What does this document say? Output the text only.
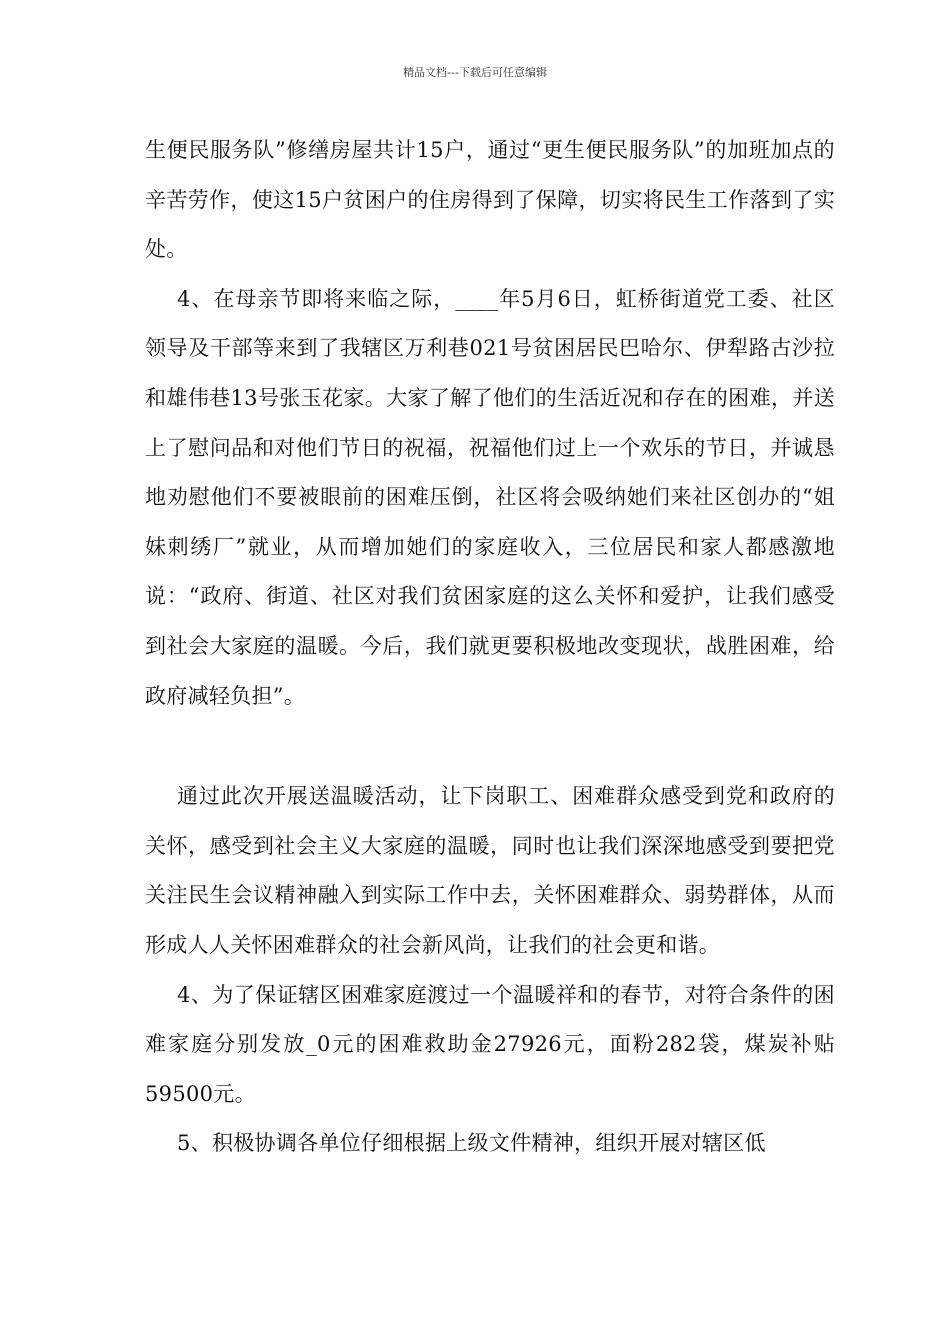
精品文档---下载后可任意编辑

生便民服务队”修缮房屋共计15户，通过“更生便民服务队”的加班加点的辛苦劳作，使这15户贫困户的住房得到了保障，切实将民生工作落到了实处。

4、在母亲节即将来临之际，____年5月6日，虹桥街道党工委、社区领导及干部等来到了我辖区万利巷021号贫困居民巴哈尔、伊犁路古沙拉和雄伟巷13号张玉花家。大家了解了他们的生活近况和存在的困难，并送上了慰问品和对他们节日的祝福，祝福他们过上一个欢乐的节日，并诚恳地劝慰他们不要被眼前的困难压倒，社区将会吸纳她们来社区创办的“姐妹刺绣厂”就业，从而增加她们的家庭收入，三位居民和家人都感激地说：“政府、街道、社区对我们贫困家庭的这么关怀和爱护，让我们感受到社会大家庭的温暖。今后，我们就更要积极地改变现状，战胜困难，给政府减轻负担”。

通过此次开展送温暖活动，让下岗职工、困难群众感受到党和政府的关怀，感受到社会主义大家庭的温暖，同时也让我们深深地感受到要把党关注民生会议精神融入到实际工作中去，关怀困难群众、弱势群体，从而形成人人关怀困难群众的社会新风尚，让我们的社会更和谐。

4、为了保证辖区困难家庭渡过一个温暖祥和的春节，对符合条件的困难家庭分别发放_0元的困难救助金27926元，面粉282袋，煤炭补贴59500元。

5、积极协调各单位仔细根据上级文件精神，组织开展对辖区低
